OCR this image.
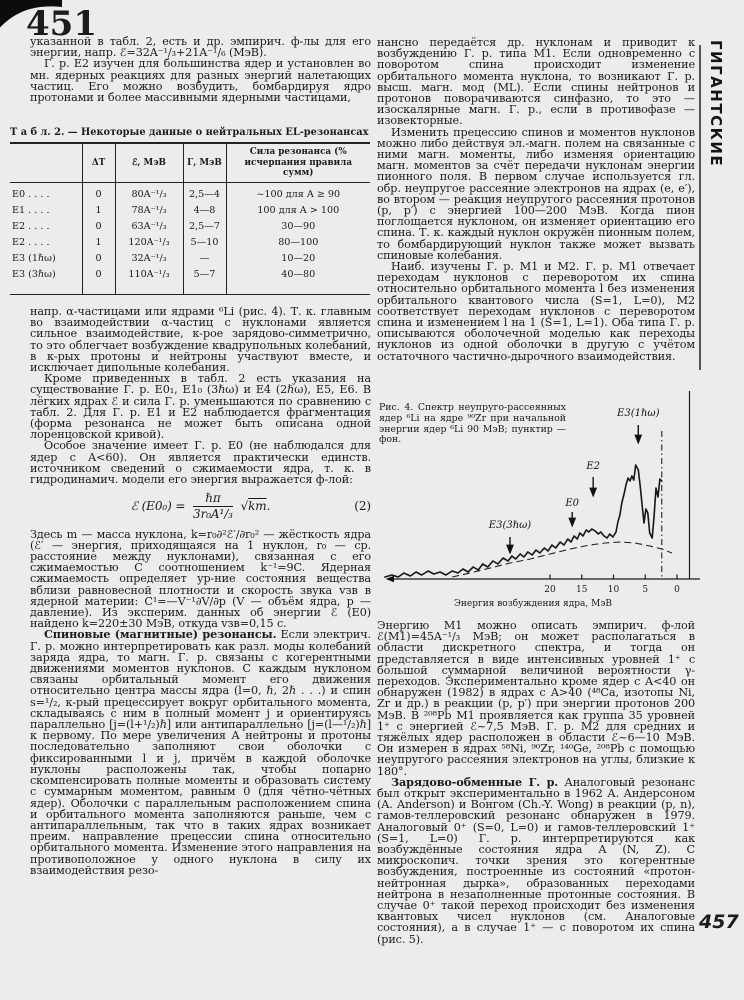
451
ГИГАНТСКИЕ
457

указанной в табл. 2, есть и др. эмпирич. ф-лы для его энергии, напр. ℰ=32A⁻¹/₃+21A⁻¹/₆ (МэВ).

Г. р. E2 изучен для большинства ядер и установлен во мн. ядерных реакциях для разных энергий налетающих частиц. Его можно возбудить, бомбардируя ядро протонами и более массивными ядерными частицами,

Т а б л. 2. — Некоторые данные о нейтральных EL-резонансах
	ΔT	ℰ, МэВ	Г, МэВ	Сила резонанса (% исчерпания правила сумм)
E0 . . . .	0	80A⁻¹/₃	2,5—4	~100 для A ≥ 90
E1 . . . .	1	78A⁻¹/₃	4—8	100 для A > 100
E2 . . . .	0	63A⁻¹/₃	2,5—7	30—90
E2 . . . .	1	120A⁻¹/₃	5—10	80—100
E3 (1ℏω)	0	32A⁻¹/₃	—	10—20
E3 (3ℏω)	0	110A⁻¹/₃	5—7	40—80

напр. α-частицами или ядрами ⁶Li (рис. 4). Т. к. главным во взаимодействии α-частиц с нуклонами является сильное взаимодействие, к-рое зарядово-симметрично, то это облегчает возбуждение квадрупольных колебаний, в к-рых протоны и нейтроны участвуют вместе, и исключает дипольные колебания.

Кроме приведенных в табл. 2 есть указания на существование Г. р. E0₁, E1₀ (3ℏω) и E4 (2ℏω), E5, E6. В лёгких ядрах ℰ и сила Г. р. уменьшаются по сравнению с табл. 2. Для Г. р. E1 и E2 наблюдается фрагментация (форма резонанса не может быть описана одной лоренцовской кривой).

Особое значение имеет Г. р. E0 (не наблюдался для ядер с A<60). Он является практически единств. источником сведений о сжимаемости ядра, т. к. в гидродинамич. модели его энергия выражается ф-лой:

ℰ $(E0_0) = \frac{\text{ℏπ}}{\text{3r₀A¹/₃}} √km$.	(2)

Здесь m — масса нуклона, k=r₀∂²ℰ′/∂r₀² — жёсткость ядра (ℰ′ — энергия, приходящаяся на 1 нуклон, r₀ — ср. расстояние между нуклонами), связанная с его сжимаемостью C соотношением k⁻¹=9C. Ядерная сжимаемость определяет ур-ние состояния вещества вблизи равновесной плотности и скорость звука vзв в ядерной материи: C¹=—V⁻¹∂V/∂p (V — объём ядра, p — давление). Из эксперим. данных об энергии ℰ (E0) найдено k=220±30 МэВ, откуда vзв=0,15 c.

Спиновые (магнитные) резонансы. Если электрич. Г. р. можно интерпретировать как разл. моды колебаний заряда ядра, то магн. Г. р. связаны с когерентными движениями моментов нуклонов. С каждым нуклоном связаны орбитальный момент его движения относительно центра массы ядра (l=0, ℏ, 2ℏ . . .) и спин s=¹/₂, к-рый прецессирует вокруг орбитального момента, складываясь с ним в полный момент j и ориентируясь параллельно [j=(l+¹/₂)ℏ] или антипараллельно [j=(l—¹/₂)ℏ] к первому. По мере увеличения A нейтроны и протоны последовательно заполняют свои оболочки с фиксированными l и j, причём в каждой оболочке нуклоны расположены так, чтобы попарно скомпенсировать полные моменты и образовать систему с суммарным моментом, равным 0 (для чётно-чётных ядер). Оболочки с параллельным расположением спина и орбитального момента заполняются раньше, чем с антипараллельным, так что в таких ядрах возникает преим. направление прецессии спина относительно орбитального момента. Изменение этого направления на противоположное у одного нуклона в силу их взаимодействия резо-

нансно передаётся др. нуклонам и приводит к возбуждению Г. р. типа M1. Если одновременно с поворотом спина происходит изменение орбитального момента нуклона, то возникают Г. р. высш. магн. мод (ML). Если спины нейтронов и протонов поворачиваются синфазно, то это — изоскалярные магн. Г. р., если в противофазе — изовекторные.

Изменить прецессию спинов и моментов нуклонов можно либо действуя эл.-магн. полем на связанные с ними магн. моменты, либо изменяя ориентацию магн. моментов за счёт передачи нуклонам энергии пионного поля. В первом случае используется гл. обр. неупругое рассеяние электронов на ядрах (e, e′), во втором — реакция неупругого рассеяния протонов (p, p′) с энергией 100—200 МэВ. Когда пион поглощается нуклоном, он изменяет ориентацию его спина. Т. к. каждый нуклон окружён пионным полем, то бомбардирующий нуклон также может вызвать спиновые колебания.

Наиб. изучены Г. р. M1 и M2. Г. р. M1 отвечает переходам нуклонов с переворотом их спина относительно орбитального момента l без изменения орбитального квантового числа (S=1, L=0), M2 соответствует переходам нуклонов с переворотом спина и изменением l на 1 (S=1, L=1). Оба типа Г. р. описываются оболочечной моделью как переходы нуклонов из одной оболочки в другую с учётом остаточного частично-дырочного взаимодействия.

20 15 10	5	0
Энергия возбуждения ядра, МэВ
E3(3ℏω)
E0
E2
E3(1ℏω)
Рис. 4. Спектр неупруго-рассеянных ядер ⁶Li на ядре ⁹⁰Zr при начальной энергии ядер ⁶Li 90 МэВ; пунктир — фон.

Энергию M1 можно описать эмпирич. ф-лой ℰ(M1)=45A⁻¹/₃ МэВ; он может располагаться в области дискретного спектра, и тогда он представляется в виде интенсивных уровней 1⁺ с большой суммарной величиной вероятности γ-переходов. Экспериментально кроме ядер с A<40 он обнаружен (1982) в ядрах с A>40 (⁴⁸Ca, изотопы Ni, Zr и др.) в реакции (p, p′) при энергии протонов 200 МэВ. В ²⁰⁸Pb M1 проявляется как группа 35 уровней 1⁺ с энергией ℰ~7,5 МэВ. Г. р. M2 для средних и тяжёлых ядер расположен в области ℰ~6—10 МэВ. Он измерен в ядрах ⁵⁸Ni, ⁹⁰Zr, ¹⁴⁰Ge, ²⁰⁸Pb с помощью неупругого рассеяния электронов на углы, близкие к 180°.

Зарядово-обменные Г. р. Аналоговый резонанс был открыт экспериментально в 1962 А. Андерсоном (A. Anderson) и Вонгом (Ch.-Y. Wong) в реакции (p, n), гамов-теллеровский резонанс обнаружен в 1979. Аналоговый 0⁺ (S=0, L=0) и гамов-теллеровский 1⁺ (S=1, L=0) Г. р. интерпретируются как возбуждённые состояния ядра A (N, Z). С микроскопич. точки зрения это когерентные возбуждения, построенные из состояний «протон-нейтронная дырка», образованных переходами нейтрона в незаполненные протонные состояния. В случае 0⁺ такой переход происходит без изменения квантовых чисел нуклонов (см. Аналоговые состояния), а в случае 1⁺ — с поворотом их спина (рис. 5).
